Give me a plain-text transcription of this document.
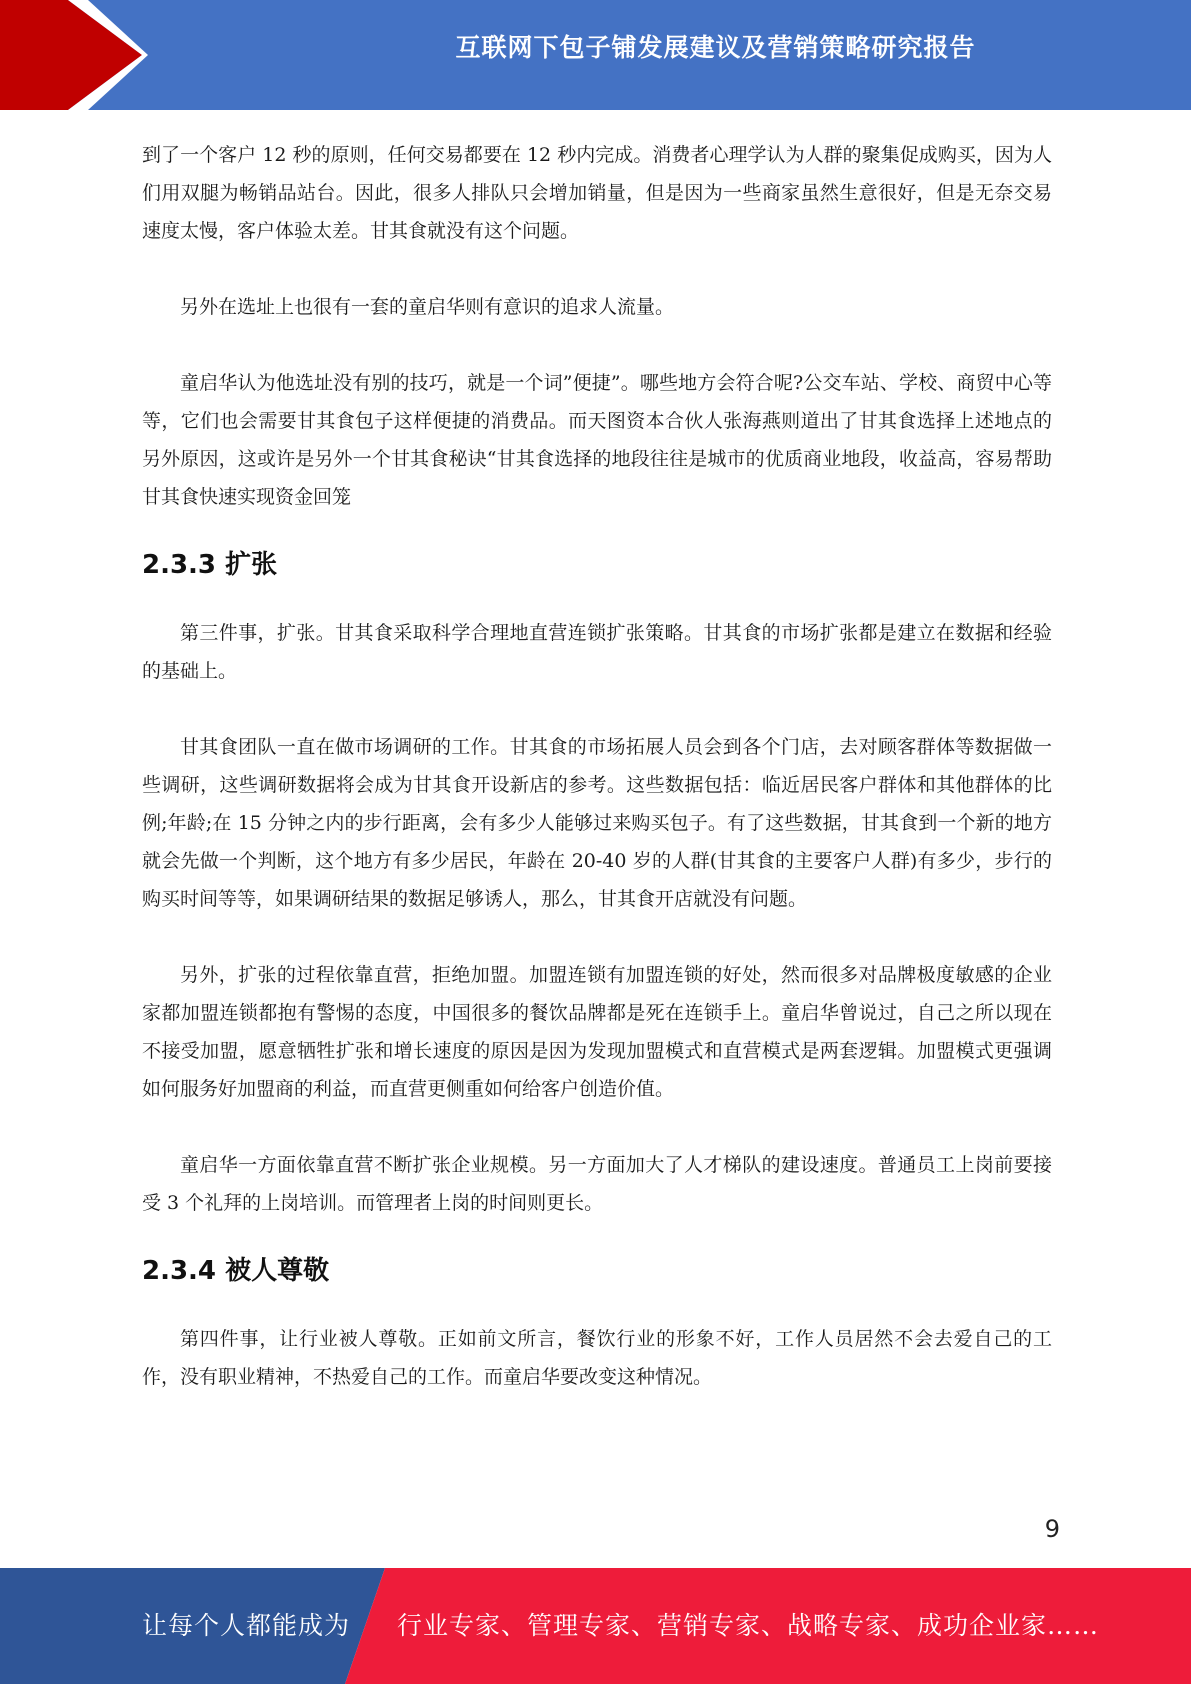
互联网下包子铺发展建议及营销策略研究报告

到了一个客户 12 秒的原则，任何交易都要在 12 秒内完成。消费者心理学认为人群的聚集促成购买，因为人们用双腿为畅销品站台。因此，很多人排队只会增加销量，但是因为一些商家虽然生意很好，但是无奈交易速度太慢，客户体验太差。甘其食就没有这个问题。

另外在选址上也很有一套的童启华则有意识的追求人流量。

童启华认为他选址没有别的技巧，就是一个词”便捷”。哪些地方会符合呢?公交车站、学校、商贸中心等等，它们也会需要甘其食包子这样便捷的消费品。而天图资本合伙人张海燕则道出了甘其食选择上述地点的另外原因，这或许是另外一个甘其食秘诀“甘其食选择的地段往往是城市的优质商业地段，收益高，容易帮助甘其食快速实现资金回笼

2.3.3 扩张

第三件事，扩张。甘其食采取科学合理地直营连锁扩张策略。甘其食的市场扩张都是建立在数据和经验的基础上。

甘其食团队一直在做市场调研的工作。甘其食的市场拓展人员会到各个门店，去对顾客群体等数据做一些调研，这些调研数据将会成为甘其食开设新店的参考。这些数据包括：临近居民客户群体和其他群体的比例;年龄;在 15 分钟之内的步行距离，会有多少人能够过来购买包子。有了这些数据，甘其食到一个新的地方就会先做一个判断，这个地方有多少居民，年龄在 20-40 岁的人群(甘其食的主要客户人群)有多少，步行的购买时间等等，如果调研结果的数据足够诱人，那么，甘其食开店就没有问题。

另外，扩张的过程依靠直营，拒绝加盟。加盟连锁有加盟连锁的好处，然而很多对品牌极度敏感的企业家都加盟连锁都抱有警惕的态度，中国很多的餐饮品牌都是死在连锁手上。童启华曾说过，自己之所以现在不接受加盟，愿意牺牲扩张和增长速度的原因是因为发现加盟模式和直营模式是两套逻辑。加盟模式更强调如何服务好加盟商的利益，而直营更侧重如何给客户创造价值。

童启华一方面依靠直营不断扩张企业规模。另一方面加大了人才梯队的建设速度。普通员工上岗前要接受 3 个礼拜的上岗培训。而管理者上岗的时间则更长。

2.3.4 被人尊敬

第四件事，让行业被人尊敬。正如前文所言，餐饮行业的形象不好，工作人员居然不会去爱自己的工作，没有职业精神，不热爱自己的工作。而童启华要改变这种情况。

9
让每个人都能成为 行业专家、管理专家、营销专家、战略专家、成功企业家……
